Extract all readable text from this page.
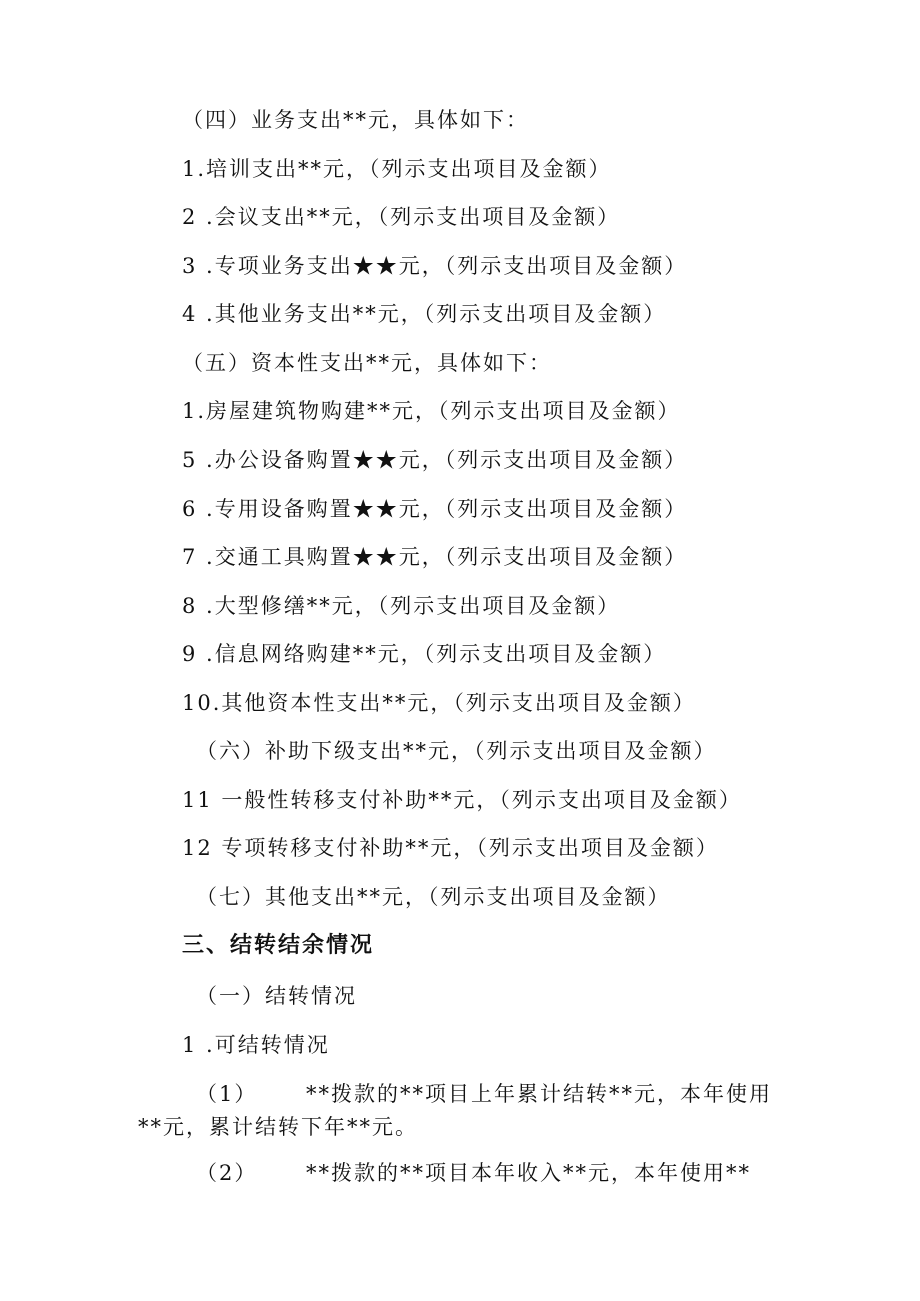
（四）业务支出**元，具体如下：
1.培训支出**元，（列示支出项目及金额）
2 .会议支出**元，（列示支出项目及金额）
3 .专项业务支出★★元，（列示支出项目及金额）
4 .其他业务支出**元，（列示支出项目及金额）
（五）资本性支出**元，具体如下：
1.房屋建筑物购建**元，（列示支出项目及金额）
5 .办公设备购置★★元，（列示支出项目及金额）
6 .专用设备购置★★元，（列示支出项目及金额）
7 .交通工具购置★★元，（列示支出项目及金额）
8 .大型修缮**元，（列示支出项目及金额）
9 .信息网络购建**元，（列示支出项目及金额）
10.其他资本性支出**元，（列示支出项目及金额）
（六）补助下级支出**元，（列示支出项目及金额）
11 一般性转移支付补助**元，（列示支出项目及金额）
12 专项转移支付补助**元，（列示支出项目及金额）
（七）其他支出**元，（列示支出项目及金额）
三、结转结余情况
（一）结转情况
1 .可结转情况
（1） **拨款的**项目上年累计结转**元，本年使用
**元，累计结转下年**元。
（2） **拨款的**项目本年收入**元，本年使用**
